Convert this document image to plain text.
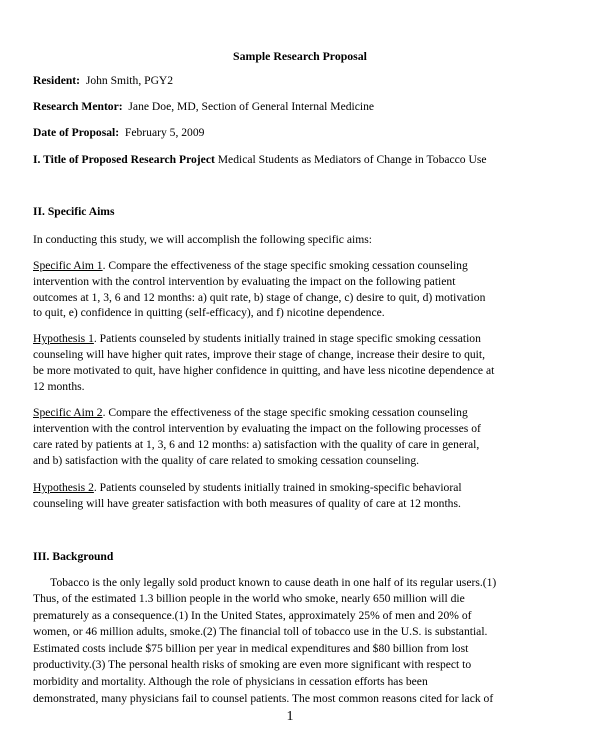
Sample Research Proposal
Resident: John Smith, PGY2
Research Mentor: Jane Doe, MD, Section of General Internal Medicine
Date of Proposal: February 5, 2009
I. Title of Proposed Research Project Medical Students as Mediators of Change in Tobacco Use
II. Specific Aims
In conducting this study, we will accomplish the following specific aims:
Specific Aim 1. Compare the effectiveness of the stage specific smoking cessation counseling
intervention with the control intervention by evaluating the impact on the following patient
outcomes at 1, 3, 6 and 12 months: a) quit rate, b) stage of change, c) desire to quit, d) motivation
to quit, e) confidence in quitting (self-efficacy), and f) nicotine dependence.
Hypothesis 1. Patients counseled by students initially trained in stage specific smoking cessation
counseling will have higher quit rates, improve their stage of change, increase their desire to quit,
be more motivated to quit, have higher confidence in quitting, and have less nicotine dependence at
12 months.
Specific Aim 2. Compare the effectiveness of the stage specific smoking cessation counseling
intervention with the control intervention by evaluating the impact on the following processes of
care rated by patients at 1, 3, 6 and 12 months: a) satisfaction with the quality of care in general,
and b) satisfaction with the quality of care related to smoking cessation counseling.
Hypothesis 2. Patients counseled by students initially trained in smoking-specific behavioral
counseling will have greater satisfaction with both measures of quality of care at 12 months.
III. Background
Tobacco is the only legally sold product known to cause death in one half of its regular users.(1)
Thus, of the estimated 1.3 billion people in the world who smoke, nearly 650 million will die
prematurely as a consequence.(1) In the United States, approximately 25% of men and 20% of
women, or 46 million adults, smoke.(2) The financial toll of tobacco use in the U.S. is substantial.
Estimated costs include $75 billion per year in medical expenditures and $80 billion from lost
productivity.(3) The personal health risks of smoking are even more significant with respect to
morbidity and mortality. Although the role of physicians in cessation efforts has been
demonstrated, many physicians fail to counsel patients. The most common reasons cited for lack of
1
